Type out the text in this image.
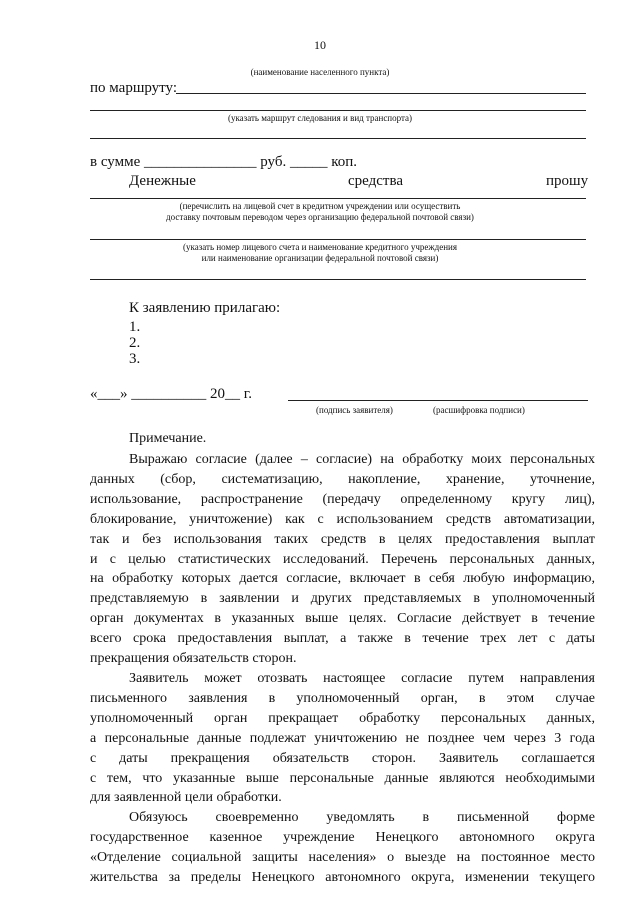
10
(наименование населенного пункта)
по маршруту:
(указать маршрут следования и вид транспорта)
в сумме _______________ руб. _____ коп.
Денежные	средства	прошу
(перечислить на лицевой счет в кредитном учреждении или осуществить
доставку почтовым переводом через организацию федеральной почтовой связи)
(указать номер лицевого счета и наименование кредитного учреждения
или наименование организации федеральной почтовой связи)
К заявлению прилагаю:
1.
2.
3.
«___» __________ 20__ г.
(подпись заявителя)	(расшифровка подписи)
Примечание.
Выражаю согласие (далее – согласие) на обработку моих персональных
данных (сбор, систематизацию, накопление, хранение, уточнение,
использование, распространение (передачу определенному кругу лиц),
блокирование, уничтожение) как с использованием средств автоматизации,
так и без использования таких средств в целях предоставления выплат
и с целью статистических исследований. Перечень персональных данных,
на обработку которых дается согласие, включает в себя любую информацию,
представляемую в заявлении и других представляемых в уполномоченный
орган документах в указанных выше целях. Согласие действует в течение
всего срока предоставления выплат, а также в течение трех лет с даты
прекращения обязательств сторон.
Заявитель может отозвать настоящее согласие путем направления
письменного заявления в уполномоченный орган, в этом случае
уполномоченный орган прекращает обработку персональных данных,
а персональные данные подлежат уничтожению не позднее чем через 3 года
с даты прекращения обязательств сторон. Заявитель соглашается
с тем, что указанные выше персональные данные являются необходимыми
для заявленной цели обработки.
Обязуюсь своевременно уведомлять в письменной форме
государственное казенное учреждение Ненецкого автономного округа
«Отделение социальной защиты населения» о выезде на постоянное место
жительства за пределы Ненецкого автономного округа, изменении текущего
